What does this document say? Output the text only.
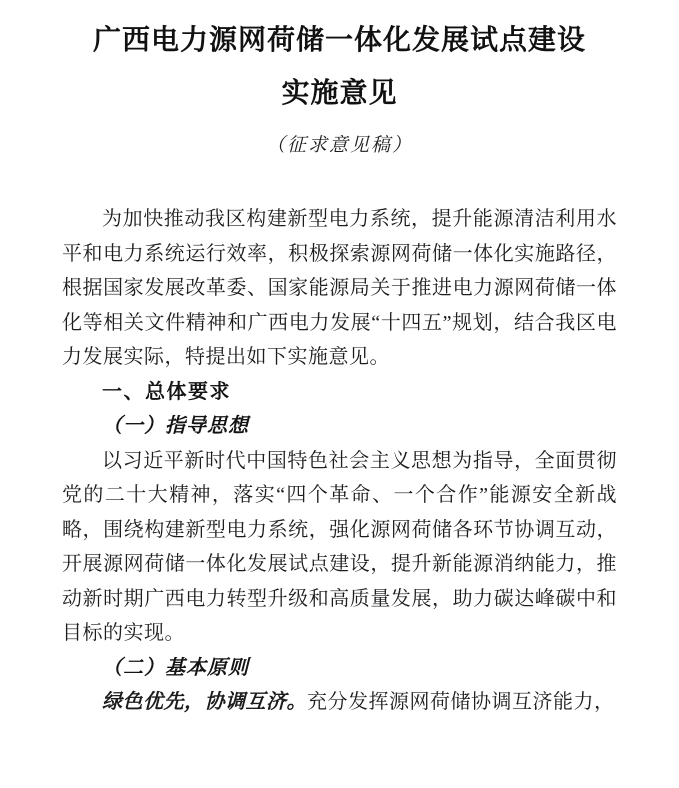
广西电力源网荷储一体化发展试点建设
实施意见
（征求意见稿）

为加快推动我区构建新型电力系统，提升能源清洁利用水平和电力系统运行效率，积极探索源网荷储一体化实施路径，根据国家发展改革委、国家能源局关于推进电力源网荷储一体化等相关文件精神和广西电力发展“十四五”规划，结合我区电力发展实际，特提出如下实施意见。

一、总体要求
（一）指导思想

以习近平新时代中国特色社会主义思想为指导，全面贯彻党的二十大精神，落实“四个革命、一个合作”能源安全新战略，围绕构建新型电力系统，强化源网荷储各环节协调互动，开展源网荷储一体化发展试点建设，提升新能源消纳能力，推动新时期广西电力转型升级和高质量发展，助力碳达峰碳中和目标的实现。

（二）基本原则

绿色优先，协调互济。充分发挥源网荷储协调互济能力，
